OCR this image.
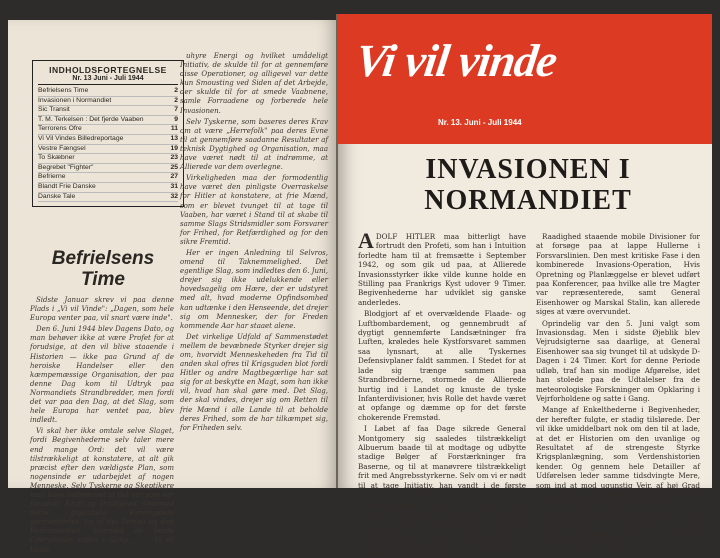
INDHOLDSFORTEGNELSE
Nr. 13 Juni - Juli 1944
Befrielsens Time	2
Invasionen i Normandiet	2
Sic Transit	7
T. M. Terkelsen : Det fjerde Vaaben	9
Terrorens Ofre	11
Vi Vil Vindes Billedreportage	13
Vestre Fængsel	19
To Skæbner	23
Begrebet "Fighter"	25
Befrierne	27
Blandt Frie Danske	31
Danske Tale	32

uhyre Energi og hvilket umådeligt Initiativ, de skulde til for at gennemføre disse Operationer, og alligevel var dette kun Smousting ved Siden af det Arbejde, der skulde til for at smede Vaabnene, samle Forraadene og forberede hele Invasionen.

Selv Tyskerne, som baseres deres Krav om at være „Herrefolk" paa deres Evne til at gennemføre saadanne Resultater af teknisk Dygtighed og Organisation, maa have været nødt til at indrømme, at Allierede var dem overlegne.

Virkeligheden maa der formodentlig have været den pinligste Overraskelse for Hitler at konstatere, at frie Mænd, som er blevet tvunget til at tage til Vaaben, har været i Stand til at skabe til samme Slags Stridsmidler som Forsvarer for Frihed, for Retfærdighed og for den sikre Fremtid.

Her er ingen Anledning til Selvros, omend til Taknemmelighed. Det egentlige Slag, som indledtes den 6. Juni, drejer sig ikke udelukkende eller hovedsagelig om Hære, der er udstyret med alt, hvad moderne Opfindsomhed kan udtænke i den Henseende, det drejer sig om Mennesker, der for Freden kommende Aar har staaet alene.

Det virkelige Udfald af Sammenstødet mellem de bevæbnede Styrker drejer sig om, hvorvidt Menneskeheden fra Tid til anden skal ofres til Krigsguden blot fordi Hitler og andre Magtbegærlige har sat sig for at beskytte en Magt, som han ikke vil, hvad han skal gøre med. Det Slag, der skal vindes, drejer sig om Retten til frie Mænd i alle Lande til at beholde deres Frihed, som de har tilkæmpet sig, for Friheden selv.

Befrielsens Time

Sidste Januar skrev vi paa denne Plads i „Vi vil Vinde": „Dagen, som hele Europa venter paa, vil snart være inde".

Den 6. Juni 1944 blev Dagens Dato, og man behøver ikke at være Profet for at forudsige, at den vil blive staaende i Historien — ikke paa Grund af de heroiske Handelser eller den kæmpemæssige Organisation, der paa denne Dag kom til Udtryk paa Normandiets Strandbredder, men fordi det var paa den Dag, at det Slag, som hele Europa har ventet paa, blev indledt.

Vi skal her ikke omtale selve Slaget, fordi Begivenhederne selv taler mere end mange Ord: det vil være tilstrækkeligt at konstatere, at alt gik præcist efter den vældigste Plan, som nogensinde er udarbejdet af nogen Menneske. Selv Tyskerne og Skeptikere maa have indrømmet at det var som var forudset. Kraft og Dristighed, hvormed dette gigantiske Foretagende gennemførtes, og af det Tempo og den Beslutsomhed, hvormed de første Operationer sattes i Gang, . . . Vi vil Vinde

Vi vil vinde
Nr. 13. Juni - Juli 1944
INVASIONEN I
NORMANDIET
A DOLF HITLER maa bitterligt have fortrudt den Profeti, som han i Intuition forledte ham til at fremsætte i September 1942, og som gik ud paa, at Allierede Invasionsstyrker ikke vilde kunne holde en Stilling paa Frankrigs Kyst udover 9 Timer. Begivenhederne har udviklet sig ganske anderledes.

Blodgjort af et overvældende Flaade- og Luftbombardement, og gennembrudt af dygtigt gennemførte Landsætninger fra Luften, krøledes hele Kystforsvaret sammen saa lynsnart, at alle Tyskernes Defensivplaner faldt sammen. I Stedet for at lade sig trænge sammen paa Strandbredderne, stormede de Allierede hurtig ind i Landet og knuste de tyske Infanterdivisioner, hvis Rolle det havde været at opfange og dæmme op for det første chokerende Fremstød.

I Løbet af faa Dage sikrede General Montgomery sig saaledes tilstrækkeligt Albuerum baade til at modtage og udbytte stadige Bølger af Forstærkninger fra Baserne, og til at manøvrere tilstrækkeligt frit med Angrebsstyrkerne. Selv om vi er nødt til at tage Initiativ, han vandt i de første Dage, blevet fortsat.

Fjenden blev tvunget til at sætte sine Styrker ind der hvor de Allierede ønskede det, ikke efter sin egen Plan, og der gennemførte han et forsøg paa at omgruppere sine Styrker der kunde have for Fjenden at anvende alle til

Raadighed staaende mobile Divisioner for at forsøge paa at lappe Hullerne i Forsvarslinien. Den mest kritiske Fase i den kombinerede Invasions-Operation, Hvis Opretning og Planlæggelse er blevet udført paa Konferencer, paa hvilke alle tre Magter var repræsenterede, samt General Eisenhower og Marskal Stalin, kan allerede siges at være overvundet.

Oprindelig var den 5. Juni valgt som Invasionsdag. Men i sidste Øjeblik blev Vejrudsigterne saa daarlige, at General Eisenhower saa sig tvunget til at udskyde D-Dagen i 24 Timer. Kort for denne Periode udløb, traf han sin modige Afgørelse, idet han stolede paa de Udtalelser fra de meteorologiske Forskninger om Opklaring i Vejrforholdene og satte i Gang.

Mange af Enkelthederne i Begivenheder, der herefter fulgte, er stadig tilslørede. Der vil ikke umiddelbart nok om den til at lade, at det er Historien om den uvanlige og Resultatet af de strengeste Styrke Krigsplanlægning, som Verdenshistorien kender. Og gennem hele Detailler af Udførelsen leder samme tidsdvingte Mere, som ind at mod ugunstig Vejr, af høj Grad har forøget de Vanskeligheder, som de allierede Tropper skulde overvinde.

Under disse Forhold har den britiske og amerikanske Marine og Handelshandelsflaade udført overordentligt vanskelige Operationer
